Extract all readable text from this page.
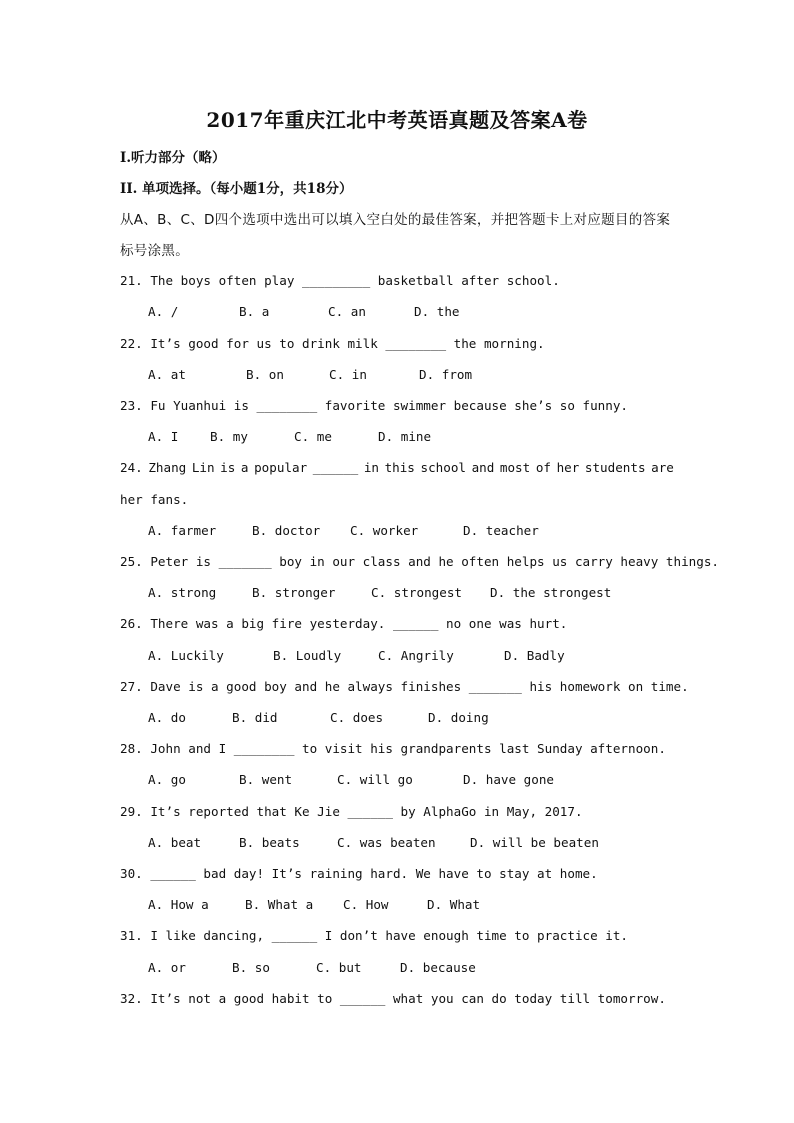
2017年重庆江北中考英语真题及答案A卷
I.听力部分（略）
II. 单项选择。（每小题1分，共18分）
从A、B、C、D四个选项中选出可以填入空白处的最佳答案，并把答题卡上对应题目的答案
标号涂黑。
21. The boys often play _________ basketball after school.
A. /	B. a	C. an	D. the
22. It’s good for us to drink milk ________ the morning.
A. at	B. on	C. in	D. from
23. Fu Yuanhui is ________ favorite swimmer because she’s so funny.
A. I	B. my	C. me	D. mine
24. Zhang Lin is a popular ______ in this school and most of her students are
her fans.
A. farmer	B. doctor C. worker	D. teacher
25. Peter is _______ boy in our class and he often helps us carry heavy things.
A. strong	B. stronger	C. strongest D. the strongest
26. There was a big fire yesterday. ______ no one was hurt.
A. Luckily	B. Loudly	C. Angrily	D. Badly
27. Dave is a good boy and he always finishes _______ his homework on time.
A. do	B. did	C. does	D. doing
28. John and I ________ to visit his grandparents last Sunday afternoon.
A. go	B. went	C. will go	D. have gone
29. It’s reported that Ke Jie ______ by AlphaGo in May, 2017.
A. beat	B. beats	C. was beaten	D. will be beaten
30. ______ bad day! It’s raining hard. We have to stay at home.
A. How a	B. What a C. How	D. What
31. I like dancing, ______ I don’t have enough time to practice it.
A. or	B. so	C. but	D. because
32. It’s not a good habit to ______ what you can do today till tomorrow.
